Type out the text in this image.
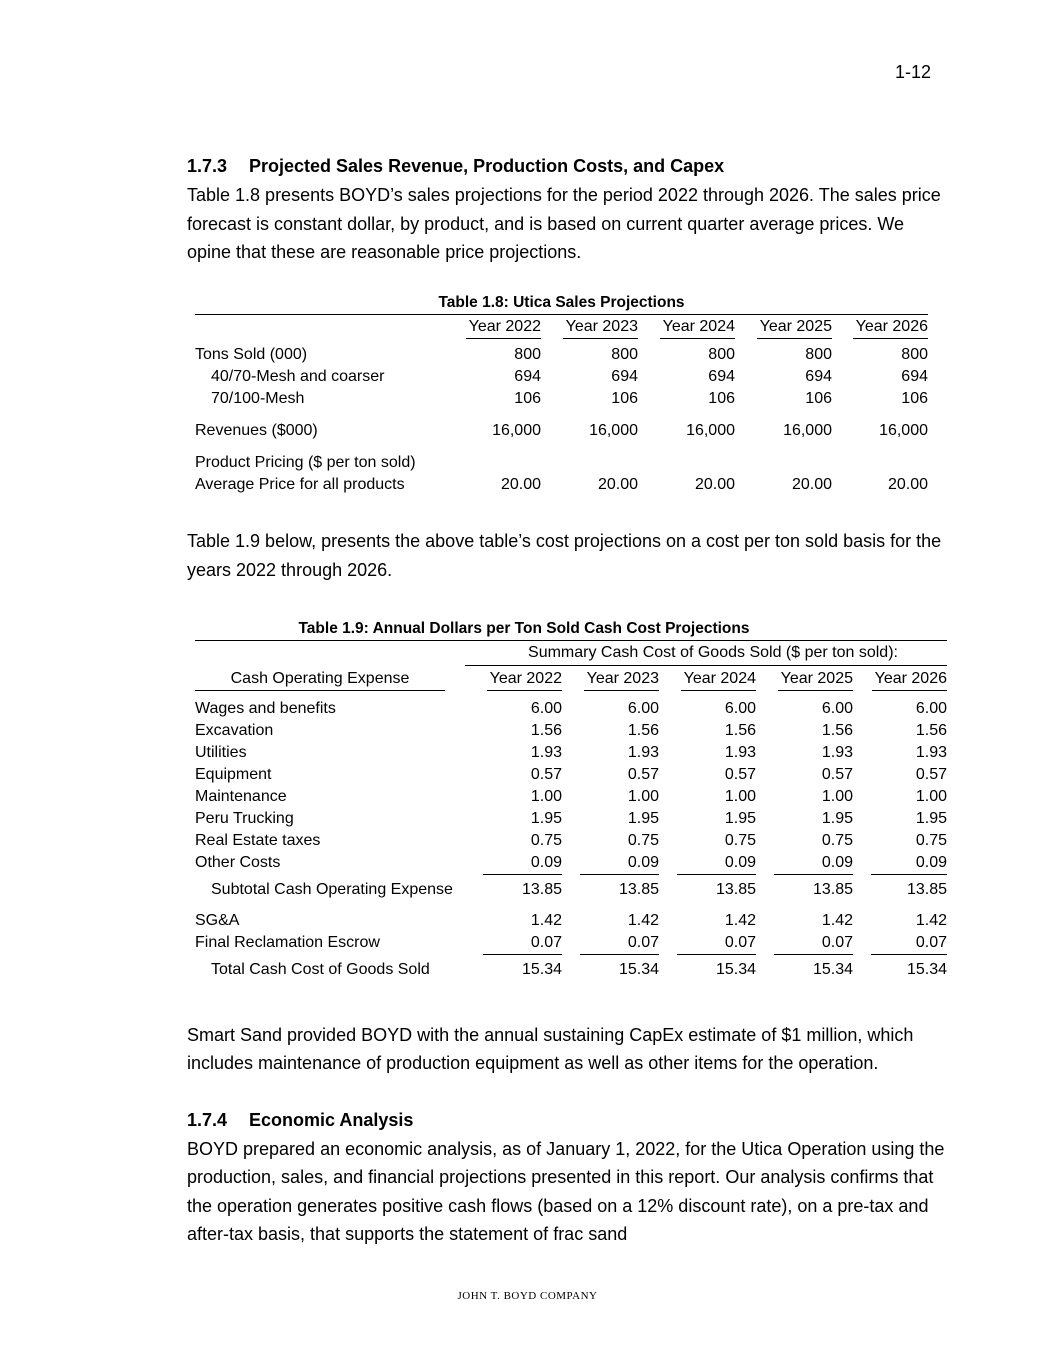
1-12
1.7.3 Projected Sales Revenue, Production Costs, and Capex

Table 1.8 presents BOYD’s sales projections for the period 2022 through 2026. The sales price forecast is constant dollar, by product, and is based on current quarter average prices. We opine that these are reasonable price projections.

Table 1.8: Utica Sales Projections					
	Year 2022	Year 2023	Year 2024	Year 2025	Year 2026

Tons Sold (000)	800	800	800	800	800
40/70-Mesh and coarser	694	694	694	694	694
70/100-Mesh	106	106	106	106	106

Revenues ($000)	16,000	16,000	16,000	16,000	16,000

Product Pricing ($ per ton sold)					
Average Price for all products	20.00	20.00	20.00	20.00	20.00

Table 1.9 below, presents the above table’s cost projections on a cost per ton sold basis for the years 2022 through 2026.

Table 1.9: Annual Dollars per Ton Sold Cash Cost Projections					
	Summary Cash Cost of Goods Sold ($ per ton sold):				

Cash Operating Expense	Year 2022	Year 2023	Year 2024	Year 2025	Year 2026

Wages and benefits	6.00	6.00	6.00	6.00	6.00
Excavation	1.56	1.56	1.56	1.56	1.56
Utilities	1.93	1.93	1.93	1.93	1.93
Equipment	0.57	0.57	0.57	0.57	0.57
Maintenance	1.00	1.00	1.00	1.00	1.00
Peru Trucking	1.95	1.95	1.95	1.95	1.95
Real Estate taxes	0.75	0.75	0.75	0.75	0.75
Other Costs	0.09	0.09	0.09	0.09	0.09

Subtotal Cash Operating Expense	13.85	13.85	13.85	13.85	13.85

SG&A	1.42	1.42	1.42	1.42	1.42
Final Reclamation Escrow	0.07	0.07	0.07	0.07	0.07

Total Cash Cost of Goods Sold	15.34	15.34	15.34	15.34	15.34

Smart Sand provided BOYD with the annual sustaining CapEx estimate of $1 million, which includes maintenance of production equipment as well as other items for the operation.

1.7.4 Economic Analysis

BOYD prepared an economic analysis, as of January 1, 2022, for the Utica Operation using the production, sales, and financial projections presented in this report. Our analysis confirms that the operation generates positive cash flows (based on a 12% discount rate), on a pre-tax and after-tax basis, that supports the statement of frac sand

JOHN T. BOYD COMPANY
